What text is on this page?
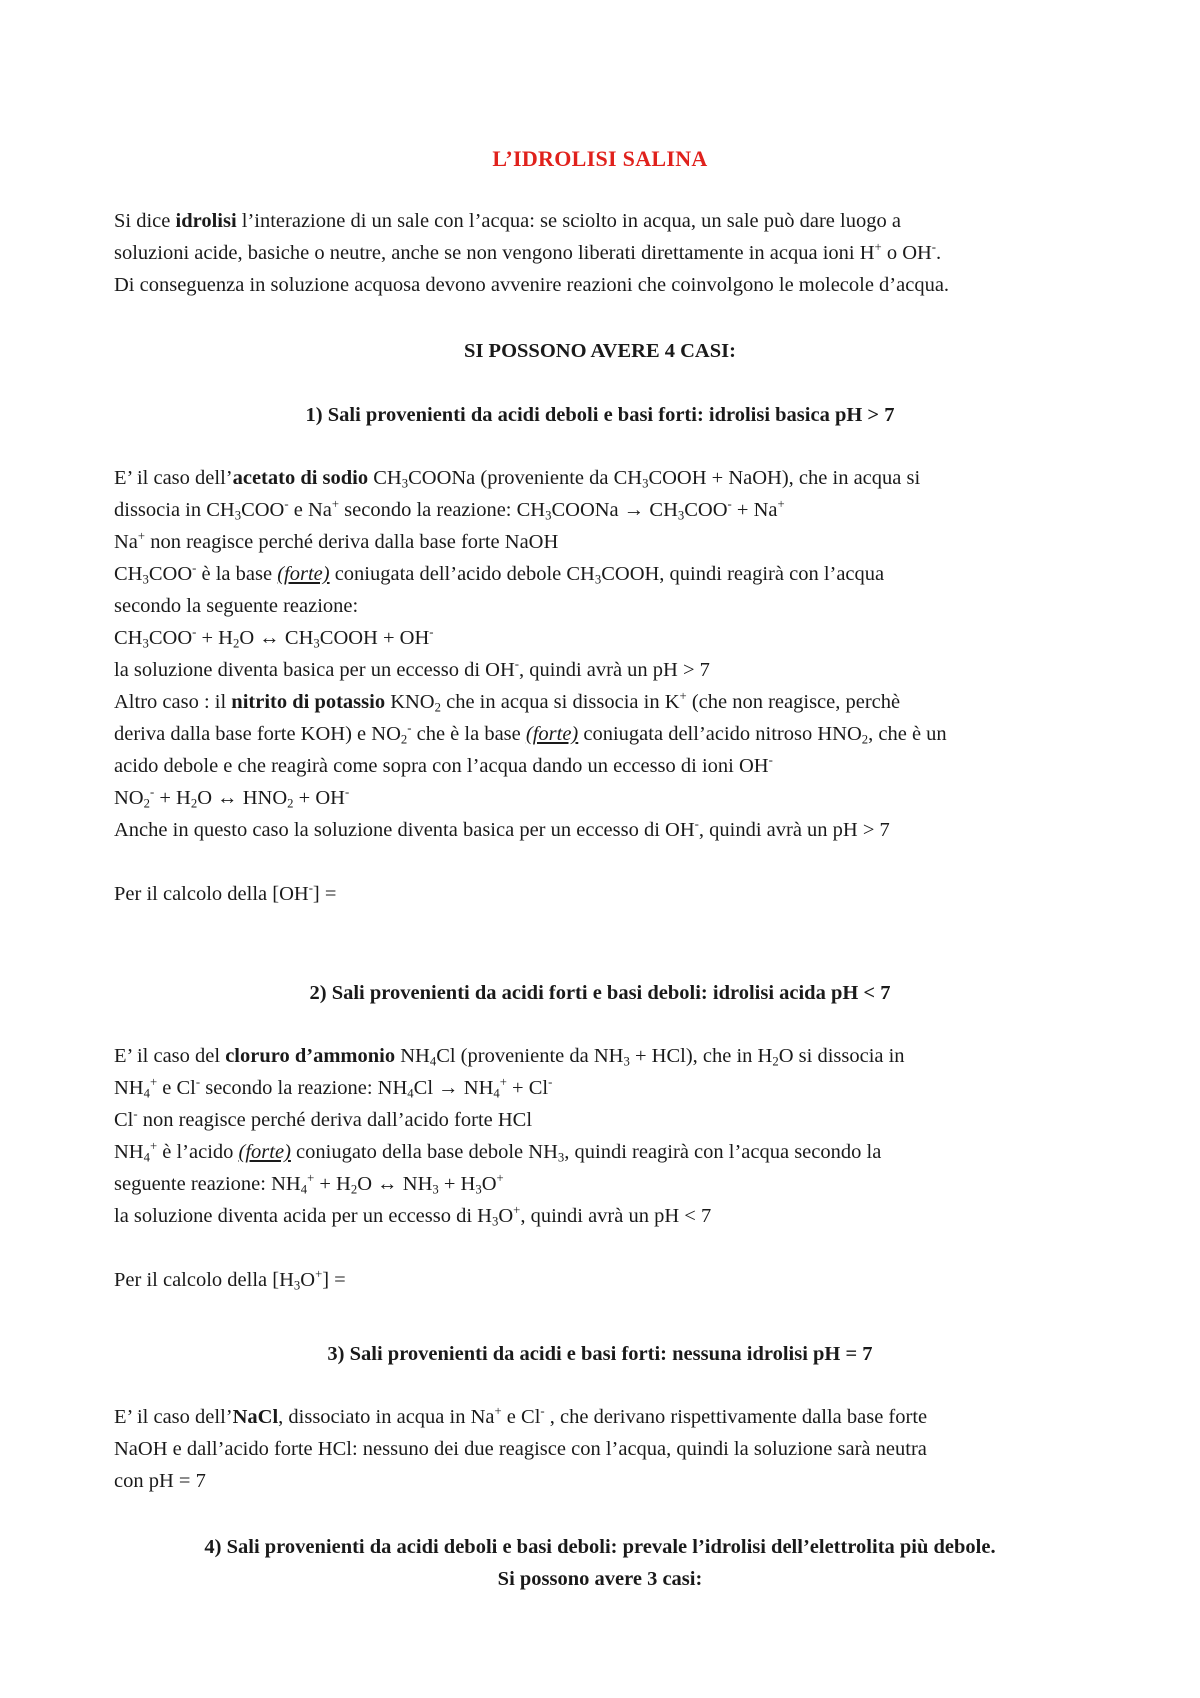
L’IDROLISI SALINA
Si dice idrolisi l’interazione di un sale con l’acqua: se sciolto in acqua, un sale può dare luogo a
soluzioni acide, basiche o neutre, anche se non vengono liberati direttamente in acqua ioni H+ o OH-.
Di conseguenza in soluzione acquosa devono avvenire reazioni che coinvolgono le molecole d’acqua.
SI POSSONO AVERE 4 CASI:
1) Sali provenienti da acidi deboli e basi forti: idrolisi basica pH > 7
E’ il caso dell’acetato di sodio $CH_3COONa$ (proveniente da $CH_3COOH$ + NaOH), che in acqua si
dissocia in $CH_3COO^-$ e Na+ secondo la reazione: $CH_3COONa \to CH_3COO^- + Na^+$
Na+ non reagisce perché deriva dalla base forte NaOH
$CH_3COO^-$ è la base (forte) coniugata dell’acido debole $CH_3COOH$, quindi reagirà con l’acqua
secondo la seguente reazione:
$CH_3COO^- + H_2O$ ↔ $CH_3COOH + OH^-$
la soluzione diventa basica per un eccesso di OH-, quindi avrà un pH > 7
Altro caso : il nitrito di potassio $KNO_2$ che in acqua si dissocia in K+ (che non reagisce, perchè
deriva dalla base forte KOH) e $NO_2^-$ che è la base (forte) coniugata dell’acido nitroso $HNO_2$, che è un
acido debole e che reagirà come sopra con l’acqua dando un eccesso di ioni OH-
$NO_2^- + H_2O$ ↔ $HNO_2 + OH^-$
Anche in questo caso la soluzione diventa basica per un eccesso di OH-, quindi avrà un pH > 7
Per il calcolo della [OH-] =
2) Sali provenienti da acidi forti e basi deboli: idrolisi acida pH < 7
E’ il caso del cloruro d’ammonio $NH_4Cl$ (proveniente da $NH_3 + HCl$), che in $H_2O$ si dissocia in
$NH_4^+$ e Cl- secondo la reazione: $NH_4Cl \to NH_4^+ + Cl^-$
Cl- non reagisce perché deriva dall’acido forte HCl
$NH_4^+$ è l’acido (forte) coniugato della base debole $NH_3$, quindi reagirà con l’acqua secondo la
seguente reazione: $NH_4^+ + H_2O$ ↔ $NH_3 + H_3O^+$
la soluzione diventa acida per un eccesso di $H_3O^+$, quindi avrà un pH < 7
Per il calcolo della $[H_3O^+]$ =
3) Sali provenienti da acidi e basi forti: nessuna idrolisi pH = 7
E’ il caso dell’NaCl, dissociato in acqua in Na+ e Cl- , che derivano rispettivamente dalla base forte
NaOH e dall’acido forte HCl: nessuno dei due reagisce con l’acqua, quindi la soluzione sarà neutra
con pH = 7
4) Sali provenienti da acidi deboli e basi deboli: prevale l’idrolisi dell’elettrolita più debole.
Si possono avere 3 casi:
